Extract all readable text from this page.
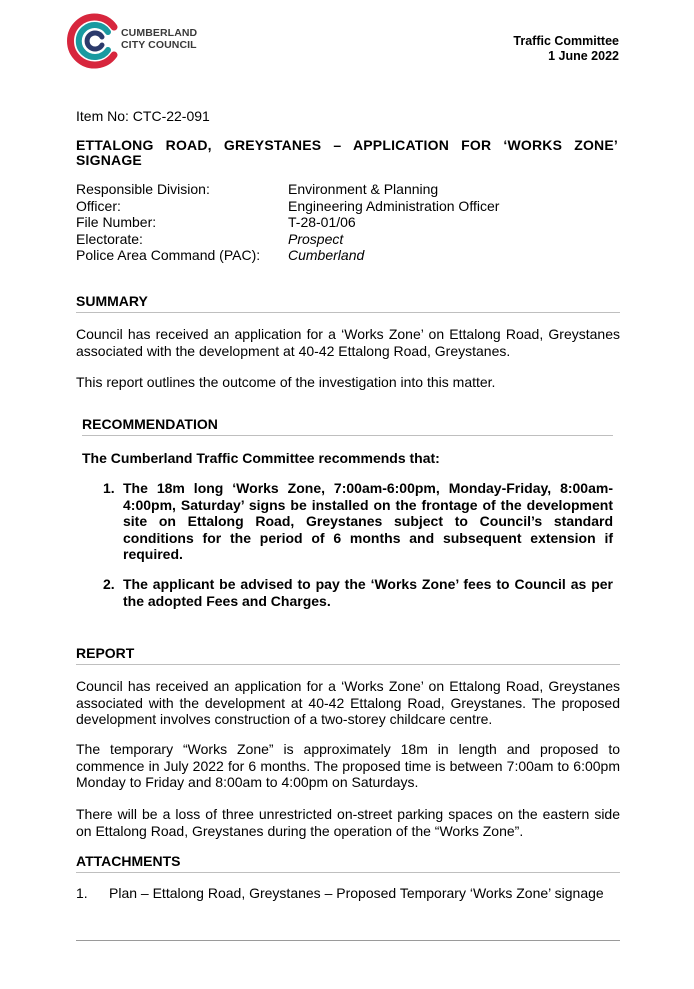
CUMBERLAND
CITY COUNCIL	Traffic Committee
1 June 2022
Item No: CTC-22-091
ETTALONG ROAD, GREYSTANES – APPLICATION FOR ‘WORKS ZONE’ SIGNAGE
Responsible Division:	Environment & Planning
Officer:	Engineering Administration Officer
File Number:	T-28-01/06
Electorate:	Prospect
Police Area Command (PAC):	Cumberland
SUMMARY
Council has received an application for a ‘Works Zone’ on Ettalong Road, Greystanes associated with the development at 40-42 Ettalong Road, Greystanes.
This report outlines the outcome of the investigation into this matter.
RECOMMENDATION
The Cumberland Traffic Committee recommends that:
1. The 18m long ‘Works Zone, 7:00am-6:00pm, Monday-Friday, 8:00am-4:00pm, Saturday’ signs be installed on the frontage of the development site on Ettalong Road, Greystanes subject to Council’s standard conditions for the period of 6 months and subsequent extension if required.
2. The applicant be advised to pay the ‘Works Zone’ fees to Council as per the adopted Fees and Charges.
REPORT
Council has received an application for a ‘Works Zone’ on Ettalong Road, Greystanes associated with the development at 40-42 Ettalong Road, Greystanes. The proposed development involves construction of a two-storey childcare centre.
The temporary “Works Zone” is approximately 18m in length and proposed to commence in July 2022 for 6 months. The proposed time is between 7:00am to 6:00pm Monday to Friday and 8:00am to 4:00pm on Saturdays.
There will be a loss of three unrestricted on-street parking spaces on the eastern side on Ettalong Road, Greystanes during the operation of the “Works Zone”.
ATTACHMENTS
1.	Plan – Ettalong Road, Greystanes – Proposed Temporary ‘Works Zone’ signage
